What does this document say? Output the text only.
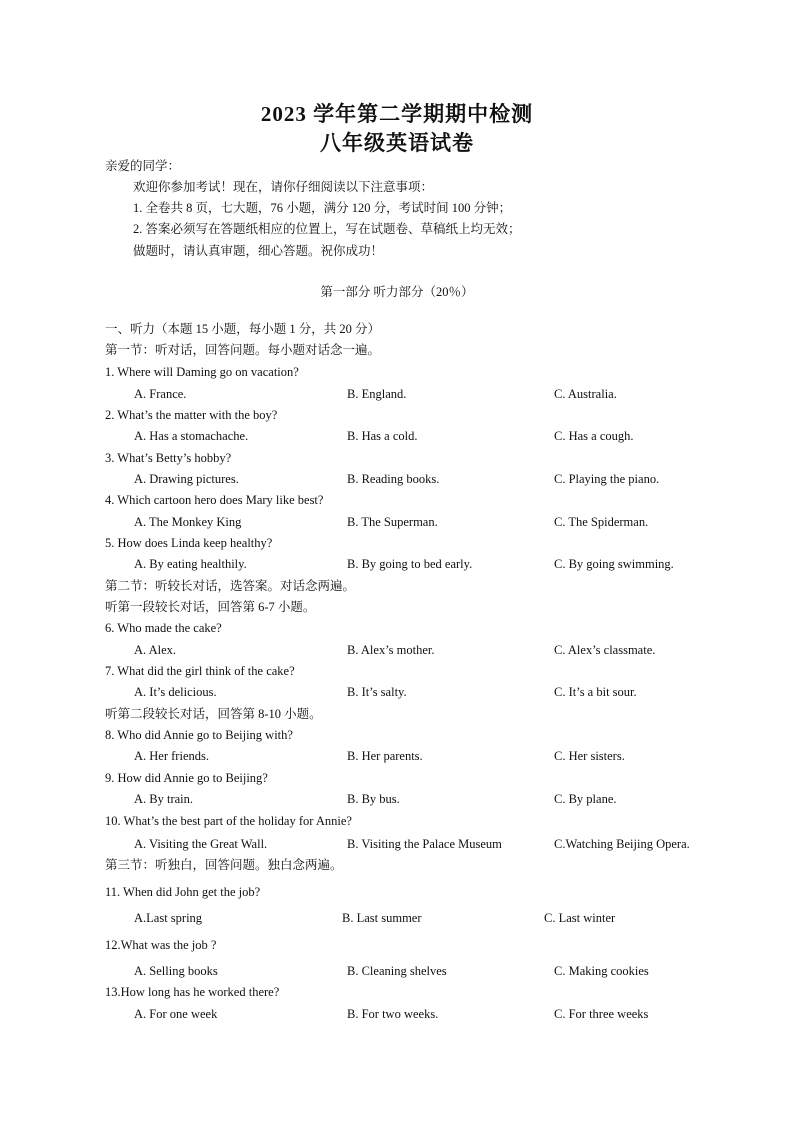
2023 学年第二学期期中检测
八年级英语试卷
亲爱的同学：
欢迎你参加考试！现在，请你仔细阅读以下注意事项：
1. 全卷共 8 页，七大题，76 小题，满分 120 分，考试时间 100 分钟；
2. 答案必须写在答题纸相应的位置上，写在试题卷、草稿纸上均无效；
做题时，请认真审题，细心答题。祝你成功！
第一部分 听力部分（20％）
一、听力（本题 15 小题，每小题 1 分，共 20 分）
第一节：听对话，回答问题。每小题对话念一遍。
1. Where will Daming go on vacation?
A. France.	B. England.	C. Australia.
2. What’s the matter with the boy?
A. Has a stomachache.	B. Has a cold.	C. Has a cough.
3. What’s Betty’s hobby?
A. Drawing pictures.	B. Reading books.	C. Playing the piano.
4. Which cartoon hero does Mary like best?
A. The Monkey King	B. The Superman.	C. The Spiderman.
5. How does Linda keep healthy?
A. By eating healthily.	B. By going to bed early.	C. By going swimming.
第二节：听较长对话，选答案。对话念两遍。
听第一段较长对话，回答第 6-7 小题。
6. Who made the cake?
A. Alex.	B. Alex’s mother.	C. Alex’s classmate.
7. What did the girl think of the cake?
A. It’s delicious.	B. It’s salty.	C. It’s a bit sour.
听第二段较长对话，回答第 8-10 小题。
8. Who did Annie go to Beijing with?
A. Her friends.	B. Her parents.	C. Her sisters.
9. How did Annie go to Beijing?
A. By train.	B. By bus.	C. By plane.
10. What’s the best part of the holiday for Annie?
A. Visiting the Great Wall.	B. Visiting the Palace Museum	C.Watching Beijing Opera.
第三节：听独白，回答问题。独白念两遍。
11. When did John get the job?
A.Last spring	B. Last summer	C. Last winter
12.What was the job ?
A. Selling books	B. Cleaning shelves	C. Making cookies
13.How long has he worked there?
A. For one week	B. For two weeks.	C. For three weeks
